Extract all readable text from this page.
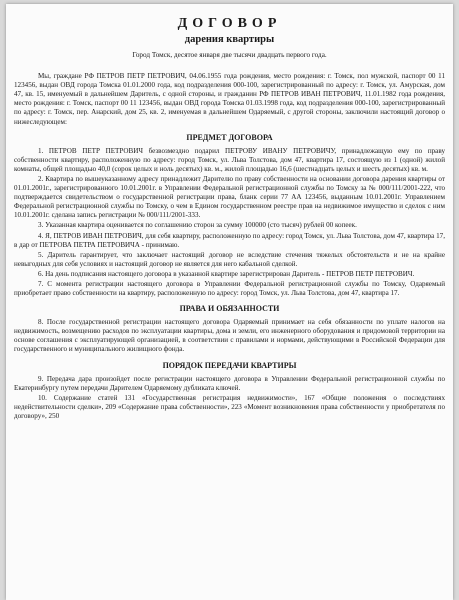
ДОГОВОР
дарения квартиры
Город Томск, десятое января две тысячи двадцать первого года.

Мы, граждане РФ ПЕТРОВ ПЕТР ПЕТРОВИЧ, 04.06.1955 года рождения, место рождения: г. Томск, пол мужской, паспорт 00 11 123456, выдан ОВД города Томска 01.01.2000 года, код подразделения 000-100, зарегистрированный по адресу: г. Томск, ул. Амурская, дом 47, кв. 15, именуемый в дальнейшем Даритель, с одной стороны, и гражданин РФ ПЕТРОВ ИВАН ПЕТРОВИЧ, 11.01.1982 года рождения, место рождения: г. Томск, паспорт 00 11 123456, выдан ОВД города Томска 01.03.1998 года, код подразделения 000-100, зарегистрированный по адресу: г. Томск, пер. Анарский, дом 25, кв. 2, именуемая в дальнейшем Одаряемый, с другой стороны, заключили настоящий договор о нижеследующем:

ПРЕДМЕТ ДОГОВОРА

1. ПЕТРОВ ПЕТР ПЕТРОВИЧ безвозмездно подарил ПЕТРОВУ ИВАНУ ПЕТРОВИЧУ, принадлежащую ему по праву собственности квартиру, расположенную по адресу: город Томск, ул. Льва Толстова, дом 47, квартира 17, состоящую из 1 (одной) жилой комнаты, общей площадью 40,0 (сорок целых и ноль десятых) кв. м., жилой площадью 16,6 (шестнадцать целых и шесть десятых) кв. м.

2. Квартира по вышеуказанному адресу принадлежит Дарителю по праву собственности на основании договора дарения квартиры от 01.01.2001г., зарегистрированного 10.01.2001г. в Управлении Федеральной регистрационной службы по Томску за № 000/111/2001-222, что подтверждается свидетельством о государственной регистрации права, бланк серии 77 АА 123456, выданным 10.01.2001г. Управлением Федеральной регистрационной службы по Томску, о чем в Едином государственном реестре прав на недвижимое имущество и сделок с ним 10.01.2001г. сделана запись регистрации № 000/111/2001-333.

3. Указанная квартира оценивается по соглашению сторон за сумму 100000 (сто тысяч) рублей 00 копеек.

4. Я, ПЕТРОВ ИВАН ПЕТРОВИЧ, для себя квартиру, расположенную по адресу: город Томск, ул. Льва Толстова, дом 47, квартира 17, в дар от ПЕТРОВА ПЕТРА ПЕТРОВИЧА - принимаю.

5. Даритель гарантирует, что заключает настоящий договор не вследствие стечения тяжелых обстоятельств и не на крайне невыгодных для себя условиях и настоящий договор не является для него кабальной сделкой.

6. На день подписания настоящего договора в указанной квартире зарегистрирован Даритель - ПЕТРОВ ПЕТР ПЕТРОВИЧ.

7. С момента регистрации настоящего договора в Управлении Федеральной регистрационной службы по Томску, Одаряемый приобретает право собственности на квартиру, расположенную по адресу: город Томск, ул. Льва Толстова, дом 47, квартира 17.

ПРАВА И ОБЯЗАННОСТИ

8. После государственной регистрации настоящего договора Одаряемый принимает на себя обязанности по уплате налогов на недвижимость, возмещению расходов по эксплуатации квартиры, дома и земли, его инженерного оборудования и придомовой территории на основе соглашения с эксплуатирующей организацией, в соответствии с правилами и нормами, действующими в Российской Федерации для государственного и муниципального жилищного фонда.

ПОРЯДОК ПЕРЕДАЧИ КВАРТИРЫ

9. Передача дара произойдет после регистрации настоящего договора в Управлении Федеральной регистрационной службы по Екатеринбургу путем передачи Дарителем Одаряемому дубликата ключей.

10. Содержание статей 131 «Государственная регистрация недвижимости», 167 «Общие положения о последствиях недействительности сделки», 209 «Содержание права собственности», 223 «Момент возникновения права собственности у приобретателя по договору», 250
